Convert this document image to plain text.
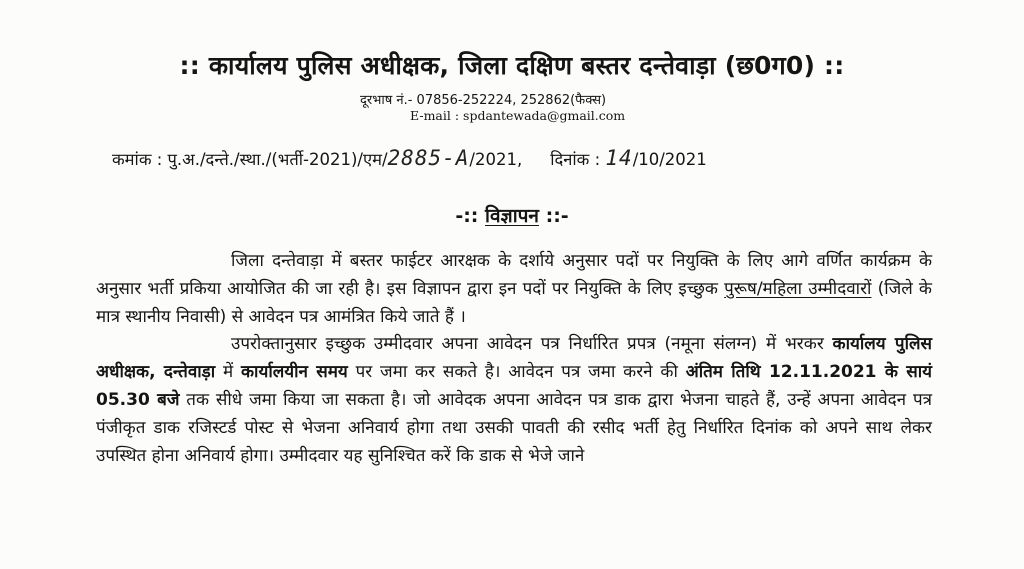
:: कार्यालय पुलिस अधीक्षक, जिला दक्षिण बस्तर दन्तेवाड़ा (छ0ग0) ::
दूरभाष नं.- 07856-252224, 252862(फैक्स)
E-mail : spdantewada@gmail.com
कमांक : पु.अ./दन्ते./स्था./(भर्ती-2021)/एम/2885-A/2021, दिनांक : 14/10/2021
-:: विज्ञापन ::-

जिला दन्तेवाड़ा में बस्तर फाईटर आरक्षक के दर्शाये अनुसार पदों पर नियुक्ति के लिए आगे वर्णित कार्यक्रम के अनुसार भर्ती प्रकिया आयोजित की जा रही है। इस विज्ञापन द्वारा इन पदों पर नियुक्ति के लिए इच्छुक पुरूष/महिला उम्मीदवारों (जिले के मात्र स्थानीय निवासी) से आवेदन पत्र आमंत्रित किये जाते हैं ।

उपरोक्तानुसार इच्छुक उम्मीदवार अपना आवेदन पत्र निर्धारित प्रपत्र (नमूना संलग्न) में भरकर कार्यालय पुलिस अधीक्षक, दन्तेवाड़ा में कार्यालयीन समय पर जमा कर सकते है। आवेदन पत्र जमा करने की अंतिम तिथि 12.11.2021 के सायं 05.30 बजे तक सीधे जमा किया जा सकता है। जो आवेदक अपना आवेदन पत्र डाक द्वारा भेजना चाहते हैं, उन्हें अपना आवेदन पत्र पंजीकृत डाक रजिस्टर्ड पोस्ट से भेजना अनिवार्य होगा तथा उसकी पावती की रसीद भर्ती हेतु निर्धारित दिनांक को अपने साथ लेकर उपस्थित होना अनिवार्य होगा। उम्मीदवार यह सुनिश्चित करें कि डाक से भेजे जाने
